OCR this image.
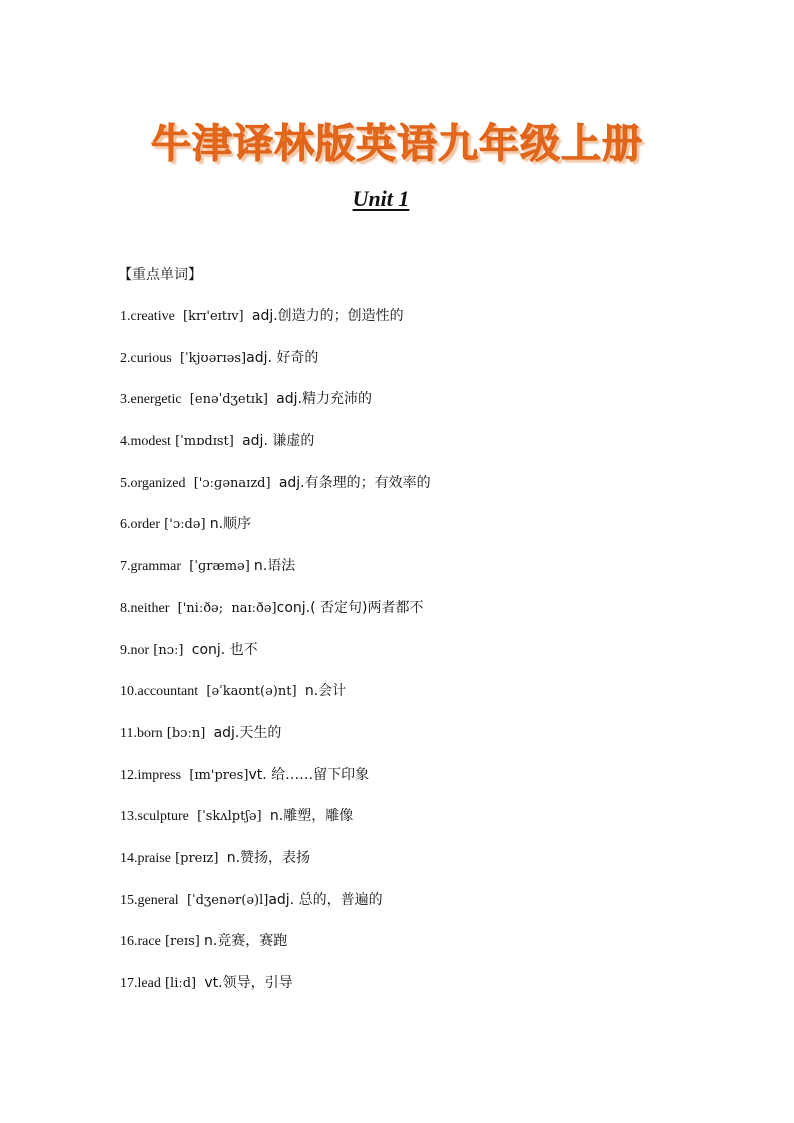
牛津译林版英语九年级上册
Unit 1
【重点单词】
1.creative  [krɪ'eɪtɪv]  adj.创造力的；创造性的
2.curious  [ˈkjʊərɪəs]adj. 好奇的
3.energetic  [enəˈdʒetɪk]  adj.精力充沛的
4.modest [ˈmɒdɪst]  adj. 谦虚的
5.organized  ['ɔːɡənaɪzd]  adj.有条理的；有效率的
6.order ['ɔːdə] n.顺序
7.grammar  [ˈɡræmə] n.语法
8.neither  ['niːðə;  naɪːðə]conj.( 否定句)两者都不
9.nor [nɔː]  conj. 也不
10.accountant  [əˈkaʊnt(ə)nt]  n.会计
11.born [bɔːn]  adj.天生的
12.impress  [ɪm'pres]vt. 给……留下印象
13.sculpture  [ˈskʌlptʃə]  n.雕塑，雕像
14.praise [preɪz]  n.赞扬，表扬
15.general  [ˈdʒenər(ə)l]adj. 总的，普遍的
16.race [reɪs] n.竞赛，赛跑
17.lead [liːd]  vt.领导，引导
